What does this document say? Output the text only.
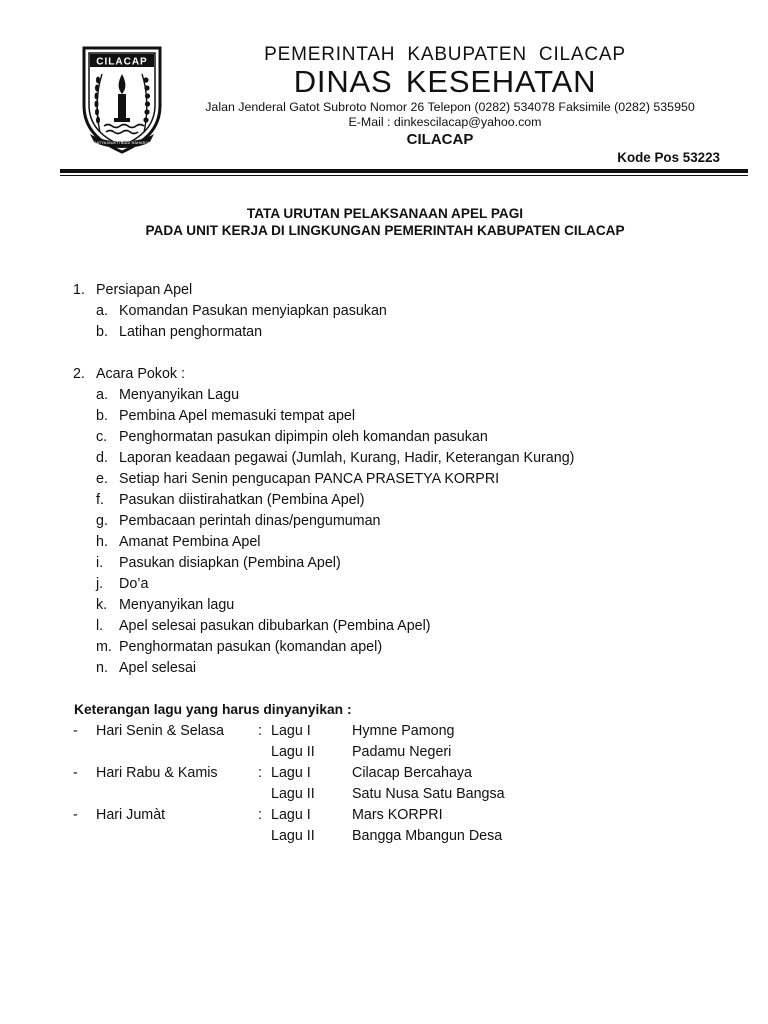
CILACAP
SATYA MUKTI BUDI RAHARJA
PEMERINTAH KABUPATEN CILACAP
DINAS KESEHATAN
Jalan Jenderal Gatot Subroto Nomor 26 Telepon (0282) 534078 Faksimile (0282) 535950
E-Mail : dinkescilacap@yahoo.com
CILACAP
Kode Pos 53223
TATA URUTAN PELAKSANAAN APEL PAGI
PADA UNIT KERJA DI LINGKUNGAN PEMERINTAH KABUPATEN CILACAP
1. Persiapan Apel
a. Komandan Pasukan menyiapkan pasukan
b. Latihan penghormatan
2. Acara Pokok :
a. Menyanyikan Lagu
b. Pembina Apel memasuki tempat apel
c. Penghormatan pasukan dipimpin oleh komandan pasukan
d. Laporan keadaan pegawai (Jumlah, Kurang, Hadir, Keterangan Kurang)
e. Setiap hari Senin pengucapan PANCA PRASETYA KORPRI
f. Pasukan diistirahatkan (Pembina Apel)
g. Pembacaan perintah dinas/pengumuman
h. Amanat Pembina Apel
i. Pasukan disiapkan (Pembina Apel)
j. Do’a
k. Menyanyikan lagu
l. Apel selesai pasukan dibubarkan (Pembina Apel)
m. Penghormatan pasukan (komandan apel)
n. Apel selesai
Keterangan lagu yang harus dinyanyikan :
- Hari Senin & Selasa : Lagu I	Hymne Pamong
Lagu II	Padamu Negeri
- Hari Rabu & Kamis	: Lagu I	Cilacap Bercahaya
Lagu II	Satu Nusa Satu Bangsa
- Hari Jumàt	: Lagu I	Mars KORPRI
Lagu II	Bangga Mbangun Desa
